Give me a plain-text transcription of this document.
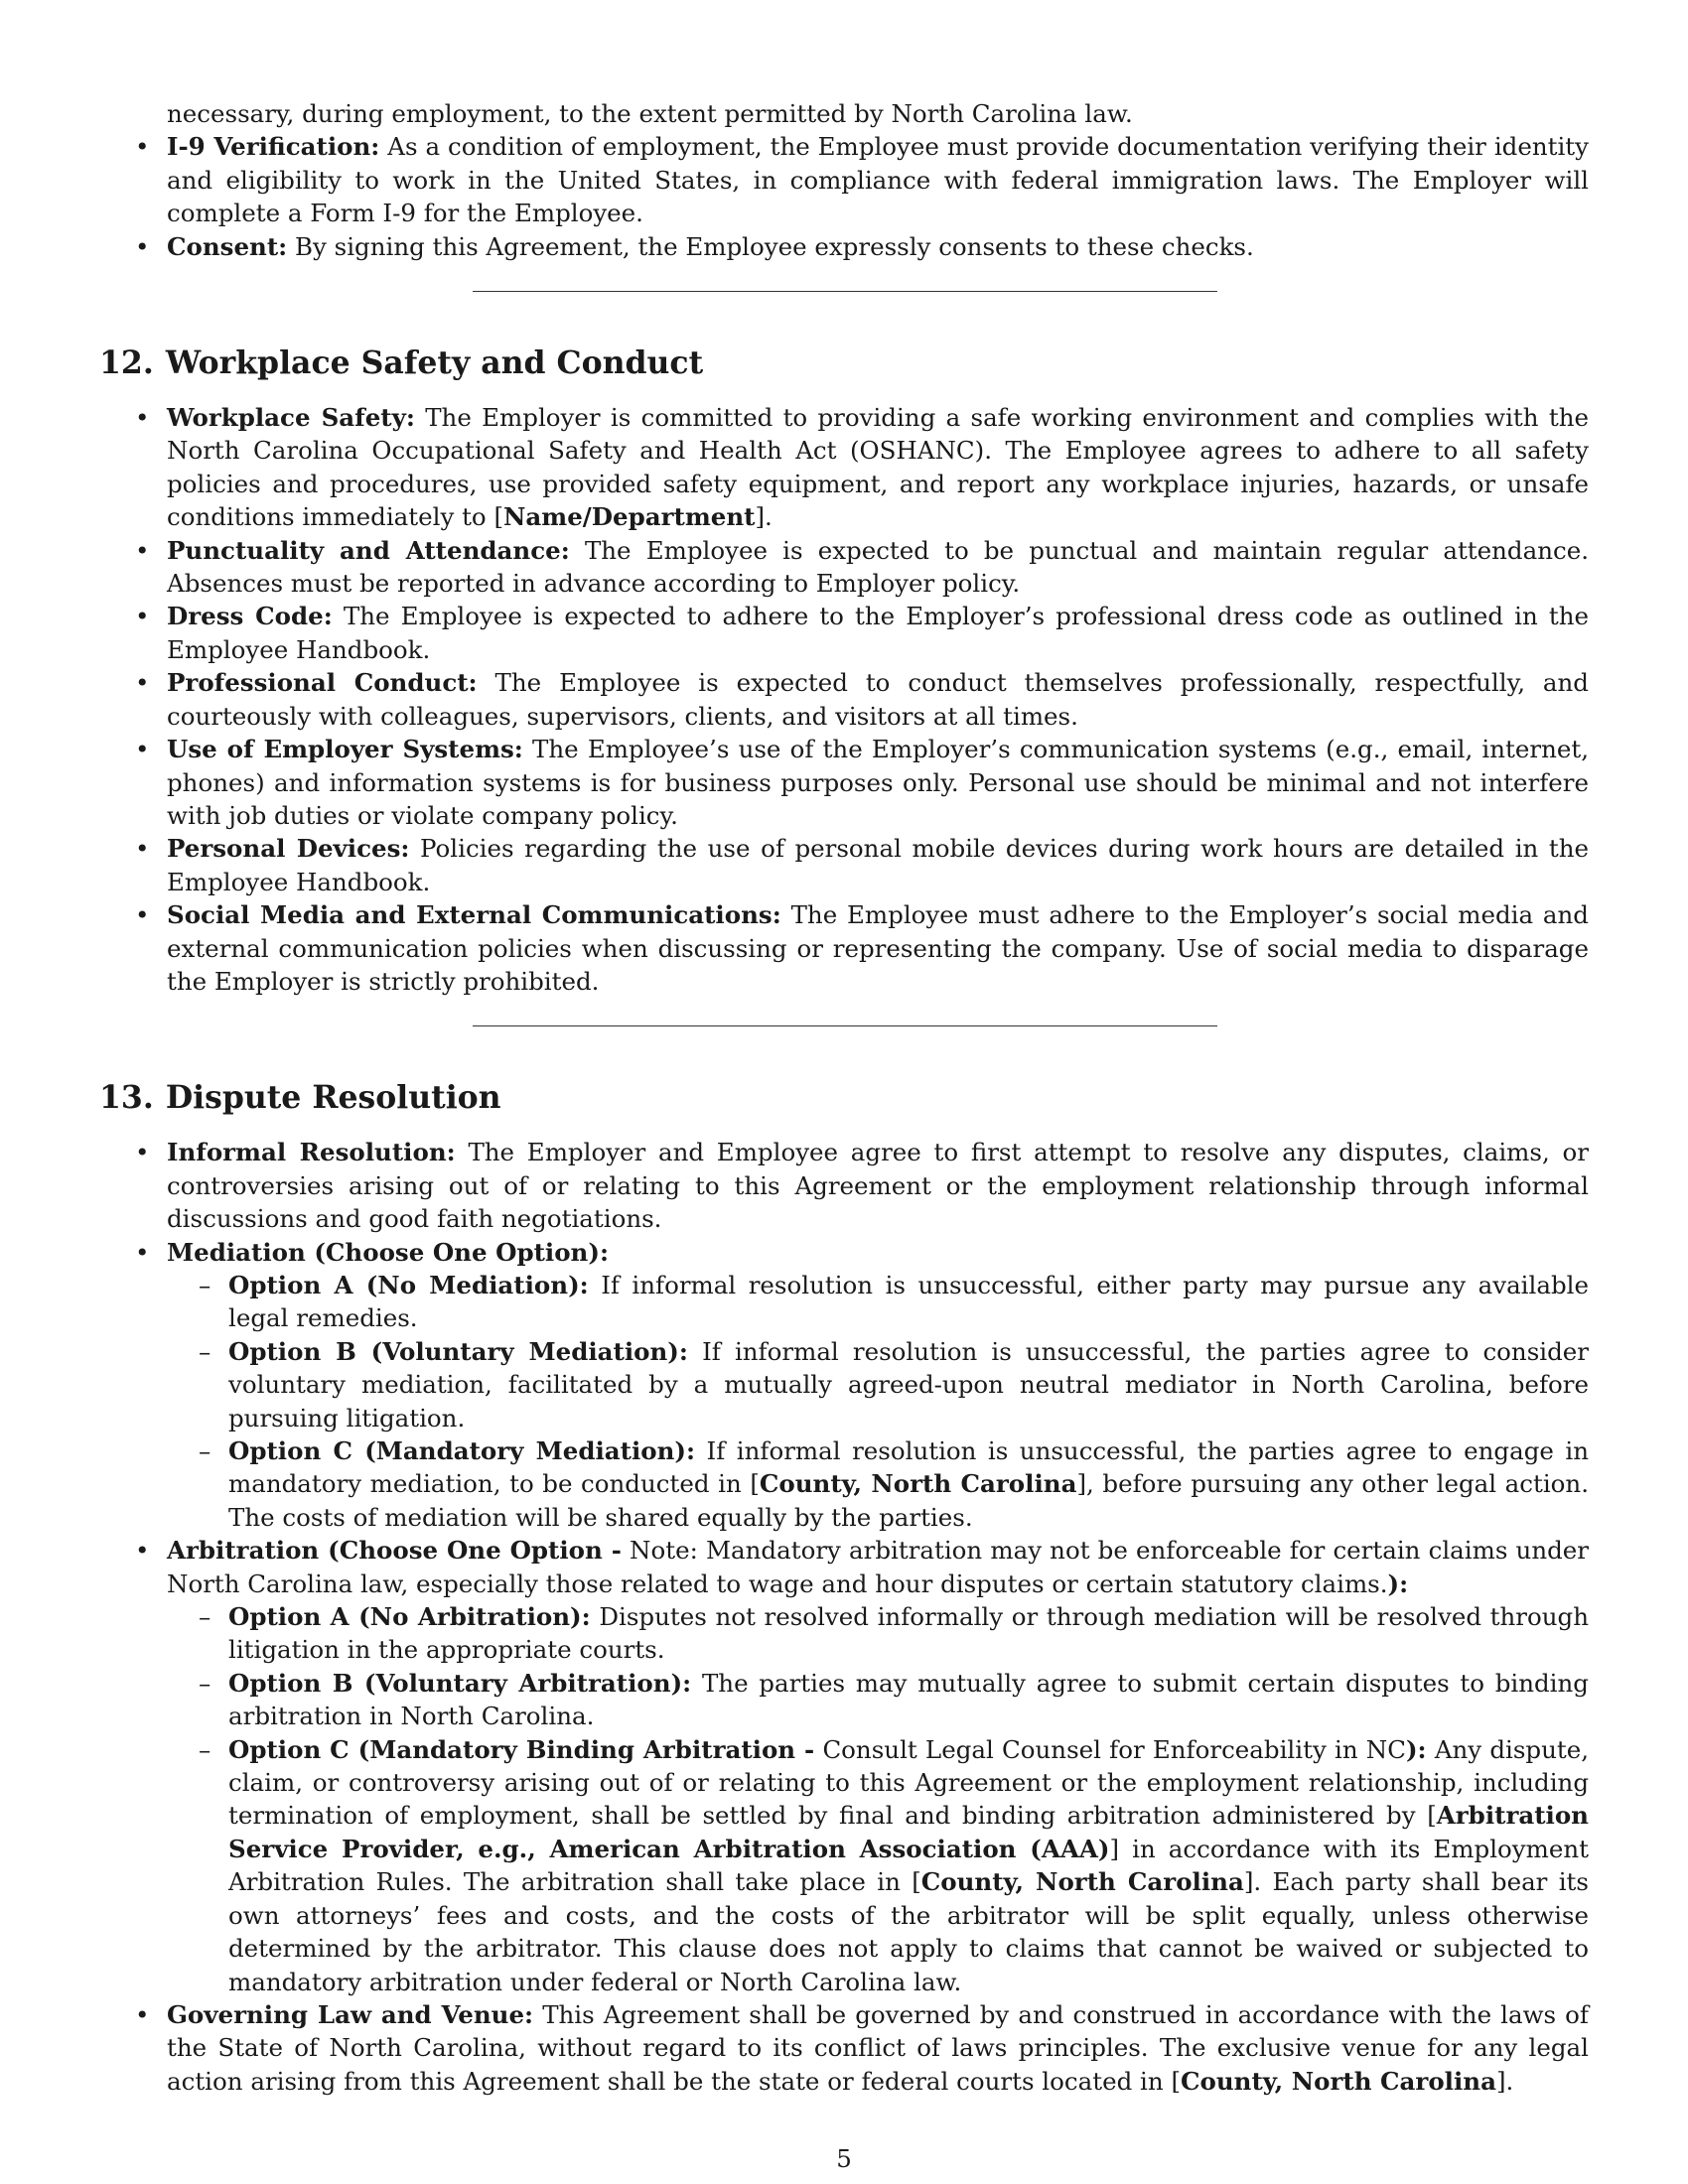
necessary, during employment, to the extent permitted by North Carolina law.

• I-9 Verification: As a condition of employment, the Employee must provide documentation verifying their identity and eligibility to work in the United States, in compliance with federal immigration laws. The Employer will complete a Form I-9 for the Employee.
• Consent: By signing this Agreement, the Employee expressly consents to these checks.
12. Workplace Safety and Conduct
• Workplace Safety: The Employer is committed to providing a safe working environment and complies with the North Carolina Occupational Safety and Health Act (OSHANC). The Employee agrees to adhere to all safety policies and procedures, use provided safety equipment, and report any workplace injuries, hazards, or unsafe conditions immediately to [Name/Department].
• Punctuality and Attendance: The Employee is expected to be punctual and maintain regular attendance. Absences must be reported in advance according to Employer policy.
• Dress Code: The Employee is expected to adhere to the Employer’s professional dress code as outlined in the Employee Handbook.
• Professional Conduct: The Employee is expected to conduct themselves professionally, respectfully, and courteously with colleagues, supervisors, clients, and visitors at all times.
• Use of Employer Systems: The Employee’s use of the Employer’s communication systems (e.g., email, internet, phones) and information systems is for business purposes only. Personal use should be minimal and not interfere with job duties or violate company policy.
• Personal Devices: Policies regarding the use of personal mobile devices during work hours are detailed in the Employee Handbook.
• Social Media and External Communications: The Employee must adhere to the Employer’s social media and external communication policies when discussing or representing the company. Use of social media to disparage the Employer is strictly prohibited.
13. Dispute Resolution
• Informal Resolution: The Employer and Employee agree to first attempt to resolve any disputes, claims, or controversies arising out of or relating to this Agreement or the employment relationship through informal discussions and good faith negotiations.
• Mediation (Choose One Option):
– Option A (No Mediation): If informal resolution is unsuccessful, either party may pursue any available legal remedies.
– Option B (Voluntary Mediation): If informal resolution is unsuccessful, the parties agree to consider voluntary mediation, facilitated by a mutually agreed-upon neutral mediator in North Carolina, before pursuing litigation.
– Option C (Mandatory Mediation): If informal resolution is unsuccessful, the parties agree to engage in mandatory mediation, to be conducted in [County, North Carolina], before pursuing any other legal action. The costs of mediation will be shared equally by the parties.
• Arbitration (Choose One Option - Note: Mandatory arbitration may not be enforceable for certain claims under North Carolina law, especially those related to wage and hour disputes or certain statutory claims.):
– Option A (No Arbitration): Disputes not resolved informally or through mediation will be resolved through litigation in the appropriate courts.
– Option B (Voluntary Arbitration): The parties may mutually agree to submit certain disputes to binding arbitration in North Carolina.
– Option C (Mandatory Binding Arbitration - Consult Legal Counsel for Enforceability in NC): Any dispute, claim, or controversy arising out of or relating to this Agreement or the employment relationship, including termination of employment, shall be settled by final and binding arbitration administered by [Arbitration Service Provider, e.g., American Arbitration Association (AAA)] in accordance with its Employment Arbitration Rules. The arbitration shall take place in [County, North Carolina]. Each party shall bear its own attorneys’ fees and costs, and the costs of the arbitrator will be split equally, unless otherwise determined by the arbitrator. This clause does not apply to claims that cannot be waived or subjected to mandatory arbitration under federal or North Carolina law.
• Governing Law and Venue: This Agreement shall be governed by and construed in accordance with the laws of the State of North Carolina, without regard to its conflict of laws principles. The exclusive venue for any legal action arising from this Agreement shall be the state or federal courts located in [County, North Carolina].
5
